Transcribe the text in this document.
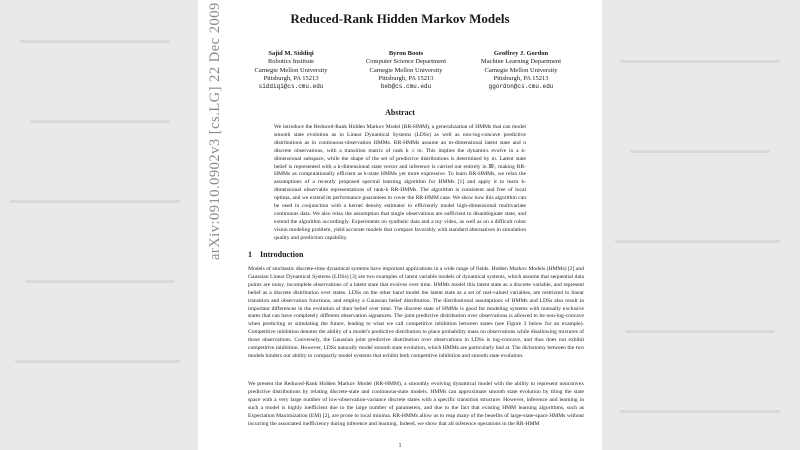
Reduced-Rank Hidden Markov Models
Sajid M. Siddiqi
Robotics Institute
Carnegie Mellon University
Pittsburgh, PA 15213
siddiqi@cs.cmu.edu
Byron Boots
Computer Science Department
Carnegie Mellon University
Pittsburgh, PA 15213
beb@cs.cmu.edu
Geoffrey J. Gordon
Machine Learning Department
Carnegie Mellon University
Pittsburgh, PA 15213
ggordon@cs.cmu.edu
Abstract

We introduce the Reduced-Rank Hidden Markov Model (RR-HMM), a generalization of HMMs that can model smooth state evolution as in Linear Dynamical Systems (LDSs) as well as non-log-concave predictive distributions as in continuous-observation HMMs. RR-HMMs assume an m-dimensional latent state and n discrete observations, with a transition matrix of rank k ≤ m. This implies the dynamics evolve in a k-dimensional subspace, while the shape of the set of predictive distributions is determined by m. Latent state belief is represented with a k-dimensional state vector and inference is carried out entirely in ℝᵏ, making RR-HMMs as computationally efficient as k-state HMMs yet more expressive. To learn RR-HMMs, we relax the assumptions of a recently proposed spectral learning algorithm for HMMs [1] and apply it to learn k-dimensional observable representations of rank-k RR-HMMs. The algorithm is consistent and free of local optima, and we extend its performance guarantees to cover the RR-HMM case. We show how this algorithm can be used in conjunction with a kernel density estimator to efficiently model high-dimensional multivariate continuous data. We also relax the assumption that single observations are sufficient to disambiguate state, and extend the algorithm accordingly. Experiments on synthetic data and a toy video, as well as on a difficult robot vision modeling problem, yield accurate models that compare favorably with standard alternatives in simulation quality and prediction capability.

1 Introduction

Models of stochastic discrete-time dynamical systems have important applications in a wide range of fields. Hidden Markov Models (HMMs) [2] and Gaussian Linear Dynamical Systems (LDSs) [3] are two examples of latent variable models of dynamical systems, which assume that sequential data points are noisy, incomplete observations of a latent state that evolves over time. HMMs model this latent state as a discrete variable, and represent belief as a discrete distribution over states. LDSs on the other hand model the latent state as a set of real-valued variables, are restricted to linear transition and observation functions, and employ a Gaussian belief distribution. The distributional assumptions of HMMs and LDSs also result in important differences in the evolution of their belief over time. The discrete state of HMMs is good for modeling systems with mutually exclusive states that can have completely different observation signatures. The joint predictive distribution over observations is allowed to be non-log-concave when predicting or simulating the future, leading to what we call competitive inhibition between states (see Figure 3 below for an example). Competitive inhibition denotes the ability of a model's predictive distribution to place probability mass on observations while disallowing mixtures of those observations. Conversely, the Gaussian joint predictive distribution over observations in LDSs is log-concave, and thus does not exhibit competitive inhibition. However, LDSs naturally model smooth state evolution, which HMMs are particularly bad at. The dichotomy between the two models hinders our ability to compactly model systems that exhibit both competitive inhibition and smooth state evolution.

We present the Reduced-Rank Hidden Markov Model (RR-HMM), a smoothly evolving dynamical model with the ability to represent nonconvex predictive distributions by relating discrete-state and continuous-state models. HMMs can approximate smooth state evolution by tiling the state space with a very large number of low-observation-variance discrete states with a specific transition structure. However, inference and learning in such a model is highly inefficient due to the large number of parameters, and due to the fact that existing HMM learning algorithms, such as Expectation Maximization (EM) [2], are prone to local minima. RR-HMMs allow us to reap many of the benefits of large-state-space HMMs without incurring the associated inefficiency during inference and learning. Indeed, we show that all inference operations in the RR-HMM

1
arXiv:0910.0902v3 [cs.LG] 22 Dec 2009
